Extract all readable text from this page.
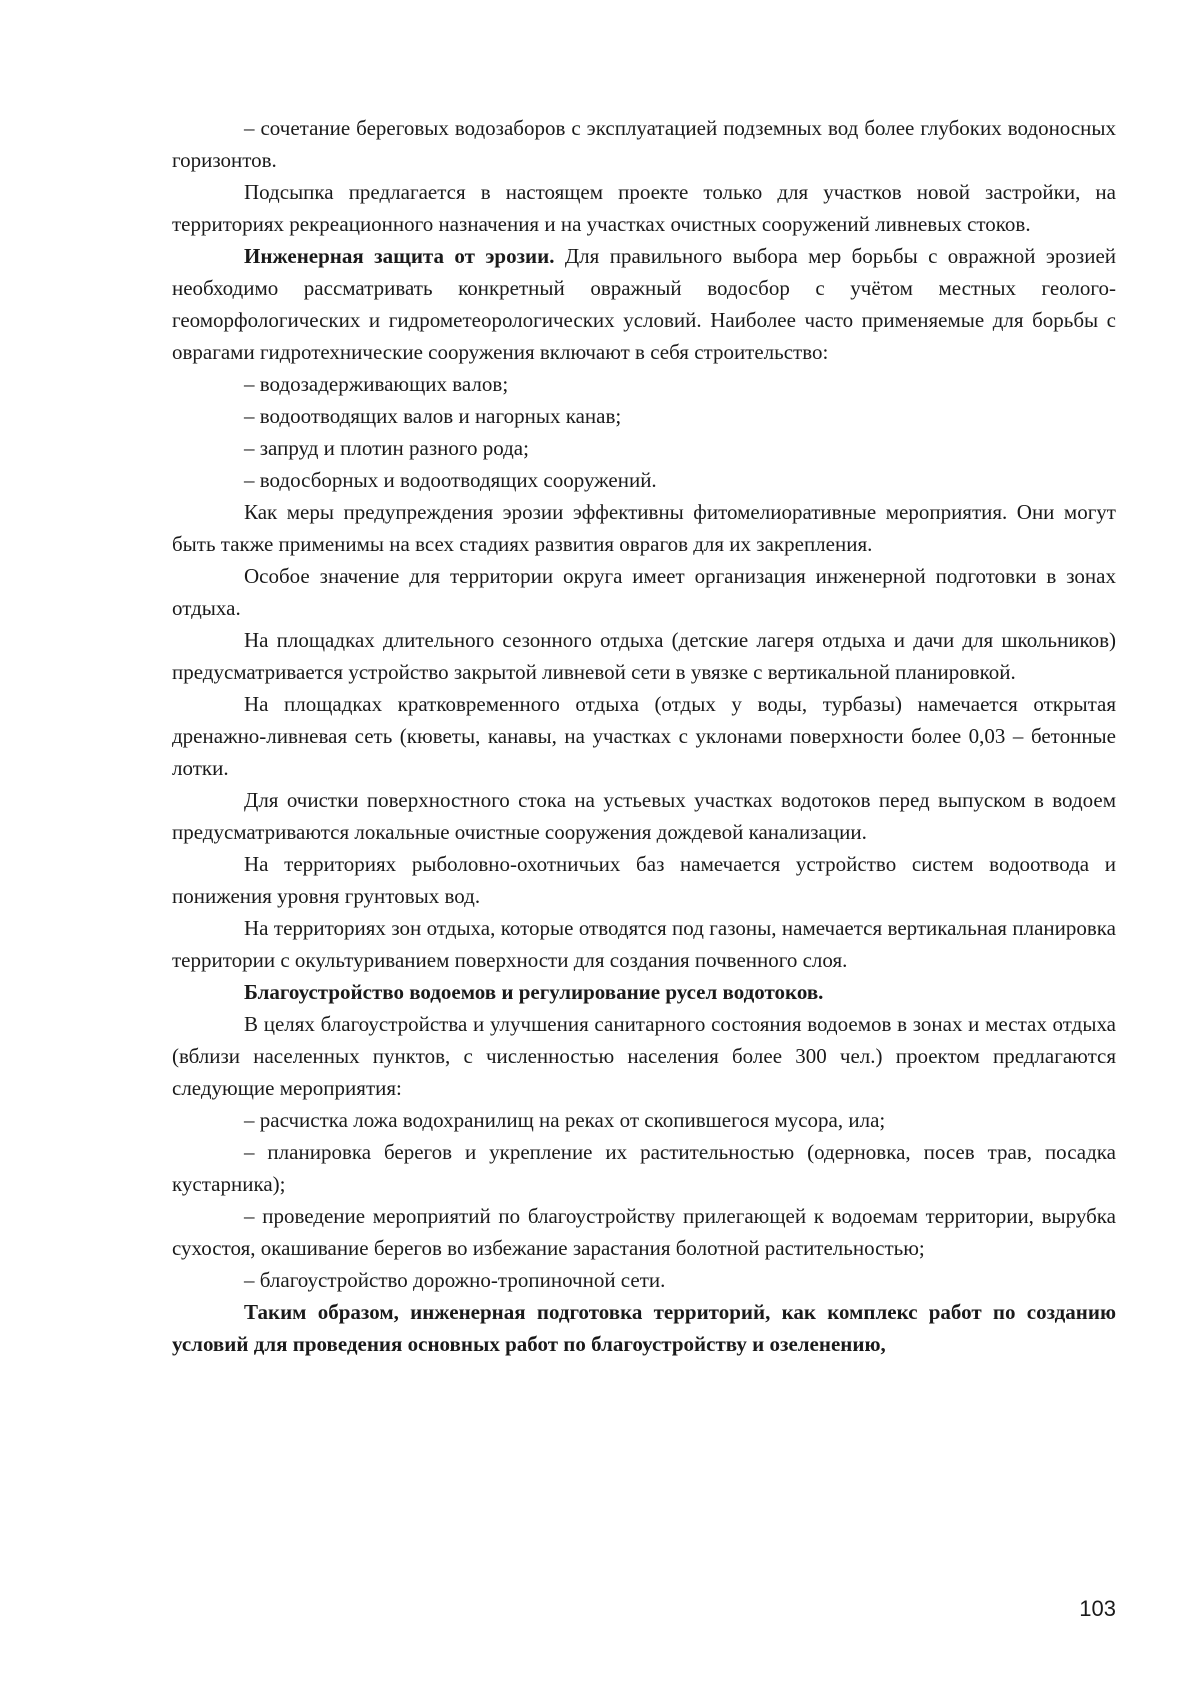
– сочетание береговых водозаборов с эксплуатацией подземных вод более глубоких водоносных горизонтов.

Подсыпка предлагается в настоящем проекте только для участков новой застройки, на территориях рекреационного назначения и на участках очистных сооружений ливневых стоков.

Инженерная защита от эрозии. Для правильного выбора мер борьбы с овражной эрозией необходимо рассматривать конкретный овражный водосбор с учётом местных геолого-геоморфологических и гидрометеорологических условий. Наиболее часто применяемые для борьбы с оврагами гидротехнические сооружения включают в себя строительство:

– водозадерживающих валов;

– водоотводящих валов и нагорных канав;

– запруд и плотин разного рода;

– водосборных и водоотводящих сооружений.

Как меры предупреждения эрозии эффективны фитомелиоративные мероприятия. Они могут быть также применимы на всех стадиях развития оврагов для их закрепления.

Особое значение для территории округа имеет организация инженерной подготовки в зонах отдыха.

На площадках длительного сезонного отдыха (детские лагеря отдыха и дачи для школьников) предусматривается устройство закрытой ливневой сети в увязке с вертикальной планировкой.

На площадках кратковременного отдыха (отдых у воды, турбазы) намечается открытая дренажно-ливневая сеть (кюветы, канавы, на участках с уклонами поверхности более 0,03 – бетонные лотки.

Для очистки поверхностного стока на устьевых участках водотоков перед выпуском в водоем предусматриваются локальные очистные сооружения дождевой канализации.

На территориях рыболовно-охотничьих баз намечается устройство систем водоотвода и понижения уровня грунтовых вод.

На территориях зон отдыха, которые отводятся под газоны, намечается вертикальная планировка территории с окультуриванием поверхности для создания почвенного слоя.

Благоустройство водоемов и регулирование русел водотоков.

В целях благоустройства и улучшения санитарного состояния водоемов в зонах и местах отдыха (вблизи населенных пунктов, с численностью населения более 300 чел.) проектом предлагаются следующие мероприятия:

– расчистка ложа водохранилищ на реках от скопившегося мусора, ила;

– планировка берегов и укрепление их растительностью (одерновка, посев трав, посадка кустарника);

– проведение мероприятий по благоустройству прилегающей к водоемам территории, вырубка сухостоя, окашивание берегов во избежание зарастания болотной растительностью;

– благоустройство дорожно-тропиночной сети.

Таким образом, инженерная подготовка территорий, как комплекс работ по созданию условий для проведения основных работ по благоустройству и озеленению,

103
